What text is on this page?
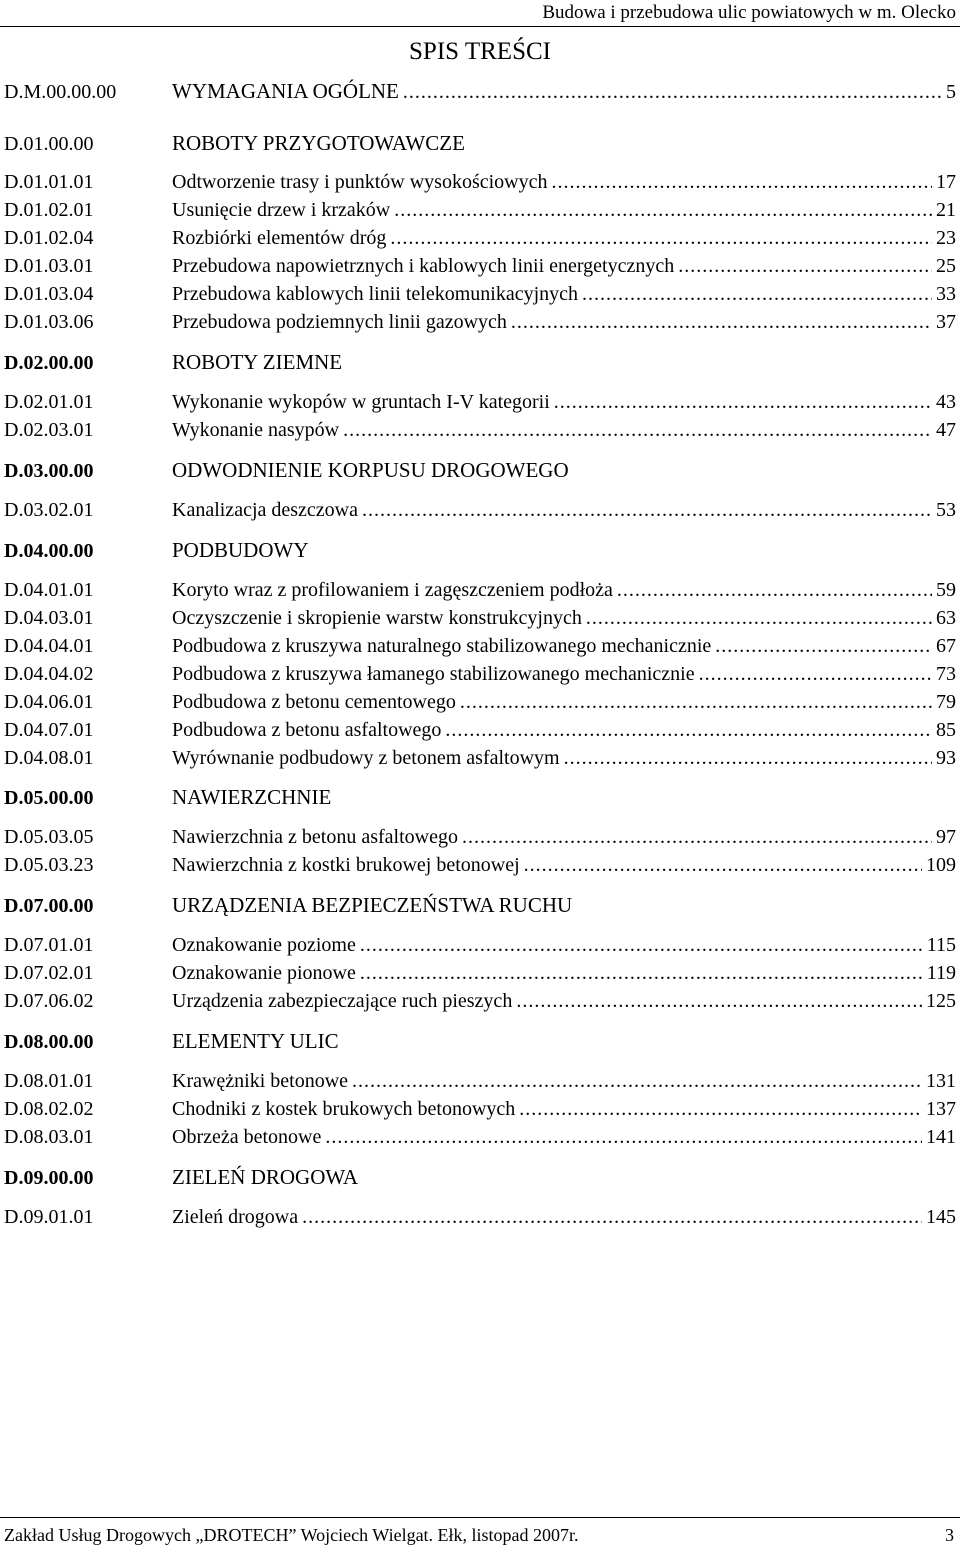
Budowa i przebudowa ulic powiatowych w m. Olecko
SPIS TREŚCI
D.M.00.00.00	WYMAGANIA OGÓLNE . . .	5
D.01.00.00	ROBOTY PRZYGOTOWAWCZE
D.01.01.01	Odtworzenie trasy i punktów wysokościowych . . .	17
D.01.02.01	Usunięcie drzew i krzaków . . .	21
D.01.02.04	Rozbiórki elementów dróg . . .	23
D.01.03.01	Przebudowa napowietrznych i kablowych linii energetycznych . . .	25
D.01.03.04	Przebudowa kablowych linii telekomunikacyjnych . . .	33
D.01.03.06	Przebudowa podziemnych linii gazowych . . .	37
D.02.00.00	ROBOTY ZIEMNE
D.02.01.01	Wykonanie wykopów w gruntach I-V kategorii . . .	43
D.02.03.01	Wykonanie nasypów . . .	47
D.03.00.00	ODWODNIENIE KORPUSU DROGOWEGO
D.03.02.01	Kanalizacja deszczowa . . .	53
D.04.00.00	PODBUDOWY
D.04.01.01	Koryto wraz z profilowaniem i zagęszczeniem podłoża . . .	59
D.04.03.01	Oczyszczenie i skropienie warstw konstrukcyjnych . . .	63
D.04.04.01	Podbudowa z kruszywa naturalnego stabilizowanego mechanicznie . . .	67
D.04.04.02	Podbudowa z kruszywa łamanego stabilizowanego mechanicznie . . .	73
D.04.06.01	Podbudowa z betonu cementowego . . .	79
D.04.07.01	Podbudowa z betonu asfaltowego . . .	85
D.04.08.01	Wyrównanie podbudowy z betonem asfaltowym . . .	93
D.05.00.00	NAWIERZCHNIE
D.05.03.05	Nawierzchnia z betonu asfaltowego . . .	97
D.05.03.23	Nawierzchnia z kostki brukowej betonowej . . .	109
D.07.00.00	URZĄDZENIA BEZPIECZEŃSTWA RUCHU
D.07.01.01	Oznakowanie poziome . . .	115
D.07.02.01	Oznakowanie pionowe . . .	119
D.07.06.02	Urządzenia zabezpieczające ruch pieszych . . .	125
D.08.00.00	ELEMENTY ULIC
D.08.01.01	Krawężniki betonowe . . .	131
D.08.02.02	Chodniki z kostek brukowych betonowych . . .	137
D.08.03.01	Obrzeża betonowe . . .	141
D.09.00.00	ZIELEŃ DROGOWA
D.09.01.01	Zieleń drogowa . . .	145
Zakład Usług Drogowych „DROTECH” Wojciech Wielgat. Ełk, listopad 2007r.	3
